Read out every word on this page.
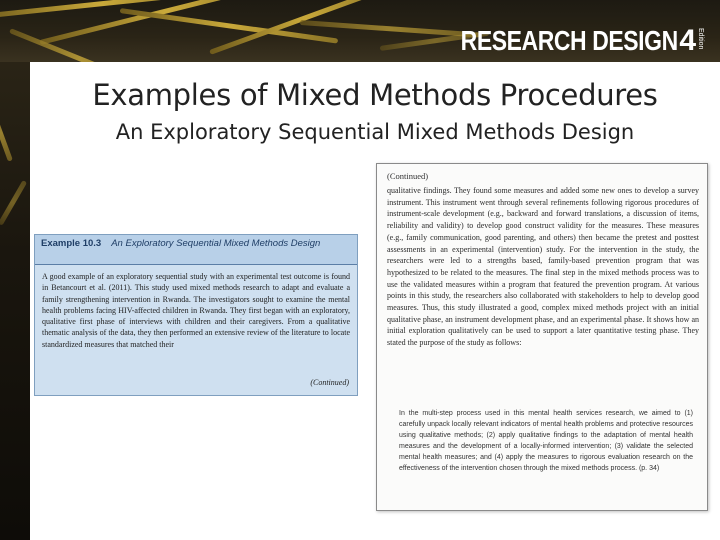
RESEARCH DESIGN 4 Edition
Examples of Mixed Methods Procedures
An Exploratory Sequential Mixed Methods Design
Example 10.3 An Exploratory Sequential Mixed Methods Design
A good example of an exploratory sequential study with an experimental test outcome is found in Betancourt et al. (2011). This study used mixed methods research to adapt and evaluate a family strengthening intervention in Rwanda. The investigators sought to examine the mental health problems facing HIV-affected children in Rwanda. They first began with an exploratory, qualitative first phase of interviews with children and their caregivers. From a qualitative thematic analysis of the data, they then performed an extensive review of the literature to locate standardized measures that matched their
(Continued)
(Continued)
qualitative findings. They found some measures and added some new ones to develop a survey instrument. This instrument went through several refinements following rigorous procedures of instrument-scale development (e.g., backward and forward translations, a discussion of items, reliability and validity) to develop good construct validity for the measures. These measures (e.g., family communication, good parenting, and others) then became the pretest and posttest assessments in an experimental (intervention) study. For the intervention in the study, the researchers were led to a strengths based, family-based prevention program that was hypothesized to be related to the measures. The final step in the mixed methods process was to use the validated measures within a program that featured the prevention program. At various points in this study, the researchers also collaborated with stakeholders to help to develop good measures. Thus, this study illustrated a good, complex mixed methods project with an initial qualitative phase, an instrument development phase, and an experimental phase. It shows how an initial exploration qualitatively can be used to support a later quantitative testing phase. They stated the purpose of the study as follows:
In the multi-step process used in this mental health services research, we aimed to (1) carefully unpack locally relevant indicators of mental health problems and protective resources using qualitative methods; (2) apply qualitative findings to the adaptation of mental health measures and the development of a locally-informed intervention; (3) validate the selected mental health measures; and (4) apply the measures to rigorous evaluation research on the effectiveness of the intervention chosen through the mixed methods process. (p. 34)
